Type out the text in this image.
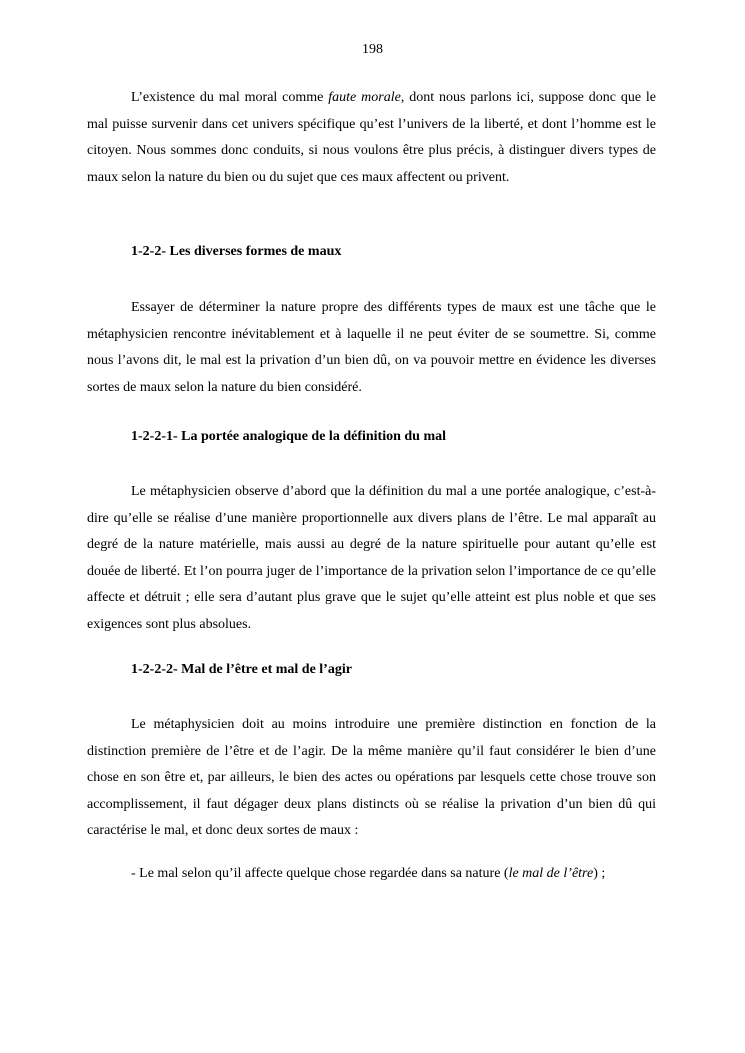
198

L’existence du mal moral comme faute morale, dont nous parlons ici, suppose donc que le mal puisse survenir dans cet univers spécifique qu’est l’univers de la liberté, et dont l’homme est le citoyen. Nous sommes donc conduits, si nous voulons être plus précis, à distinguer divers types de maux selon la nature du bien ou du sujet que ces maux affectent ou privent.

1-2-2- Les diverses formes de maux

Essayer de déterminer la nature propre des différents types de maux est une tâche que le métaphysicien rencontre inévitablement et à laquelle il ne peut éviter de se soumettre. Si, comme nous l’avons dit, le mal est la privation d’un bien dû, on va pouvoir mettre en évidence les diverses sortes de maux selon la nature du bien considéré.

1-2-2-1- La portée analogique de la définition du mal

Le métaphysicien observe d’abord que la définition du mal a une portée analogique, c’est-à-dire qu’elle se réalise d’une manière proportionnelle aux divers plans de l’être. Le mal apparaît au degré de la nature matérielle, mais aussi au degré de la nature spirituelle pour autant qu’elle est douée de liberté. Et l’on pourra juger de l’importance de la privation selon l’importance de ce qu’elle affecte et détruit ; elle sera d’autant plus grave que le sujet qu’elle atteint est plus noble et que ses exigences sont plus absolues.

1-2-2-2- Mal de l’être et mal de l’agir

Le métaphysicien doit au moins introduire une première distinction en fonction de la distinction première de l’être et de l’agir. De la même manière qu’il faut considérer le bien d’une chose en son être et, par ailleurs, le bien des actes ou opérations par lesquels cette chose trouve son accomplissement, il faut dégager deux plans distincts où se réalise la privation d’un bien dû qui caractérise le mal, et donc deux sortes de maux :

- Le mal selon qu’il affecte quelque chose regardée dans sa nature (le mal de l’être) ;
